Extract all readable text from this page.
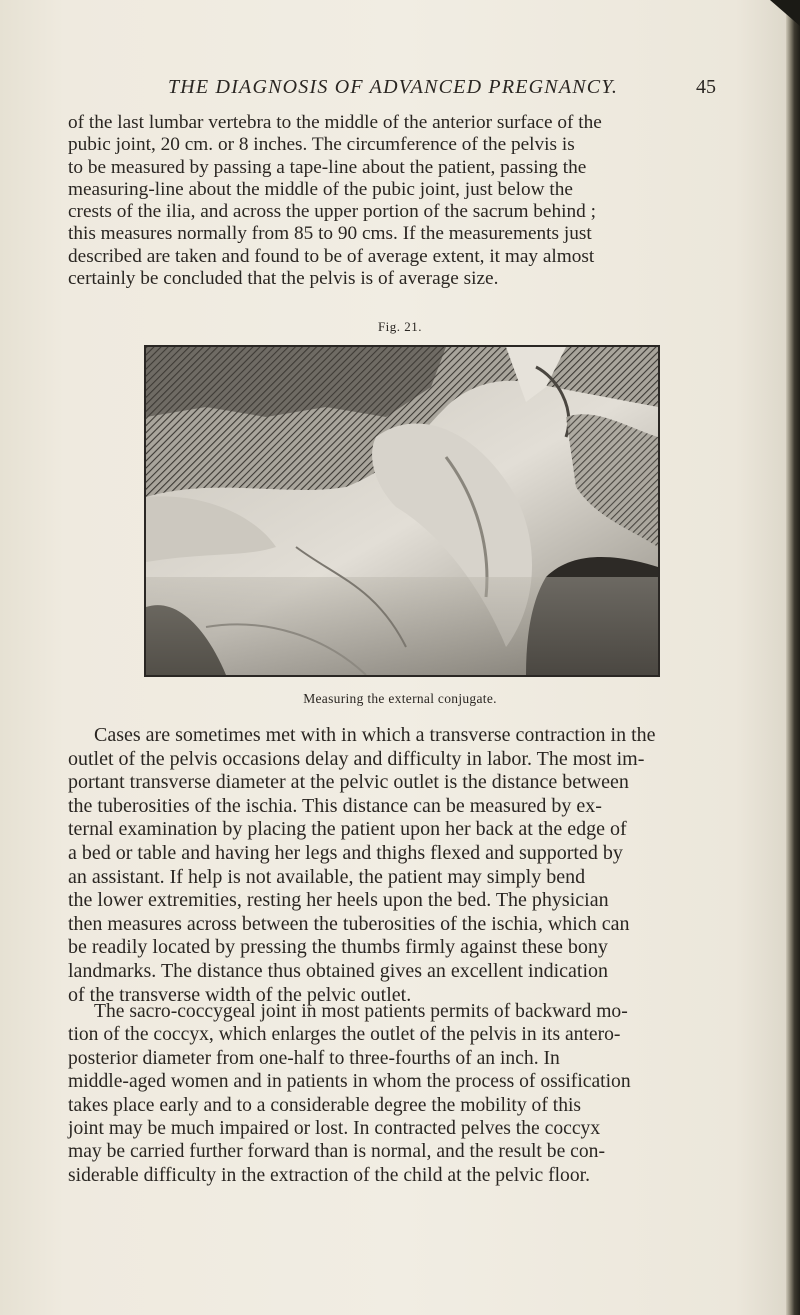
THE DIAGNOSIS OF ADVANCED PREGNANCY.	45
of the last lumbar vertebra to the middle of the anterior surface of the
pubic joint, 20 cm. or 8 inches. The circumference of the pelvis is
to be measured by passing a tape-line about the patient, passing the
measuring-line about the middle of the pubic joint, just below the
crests of the ilia, and across the upper portion of the sacrum behind ;
this measures normally from 85 to 90 cms. If the measurements just
described are taken and found to be of average extent, it may almost
certainly be concluded that the pelvis is of average size.
Fig. 21.
Measuring the external conjugate.
Cases are sometimes met with in which a transverse contraction in the
outlet of the pelvis occasions delay and difficulty in labor. The most im-
portant transverse diameter at the pelvic outlet is the distance between
the tuberosities of the ischia. This distance can be measured by ex-
ternal examination by placing the patient upon her back at the edge of
a bed or table and having her legs and thighs flexed and supported by
an assistant. If help is not available, the patient may simply bend
the lower extremities, resting her heels upon the bed. The physician
then measures across between the tuberosities of the ischia, which can
be readily located by pressing the thumbs firmly against these bony
landmarks. The distance thus obtained gives an excellent indication
of the transverse width of the pelvic outlet.
The sacro-coccygeal joint in most patients permits of backward mo-
tion of the coccyx, which enlarges the outlet of the pelvis in its antero-
posterior diameter from one-half to three-fourths of an inch. In
middle-aged women and in patients in whom the process of ossification
takes place early and to a considerable degree the mobility of this
joint may be much impaired or lost. In contracted pelves the coccyx
may be carried further forward than is normal, and the result be con-
siderable difficulty in the extraction of the child at the pelvic floor.
